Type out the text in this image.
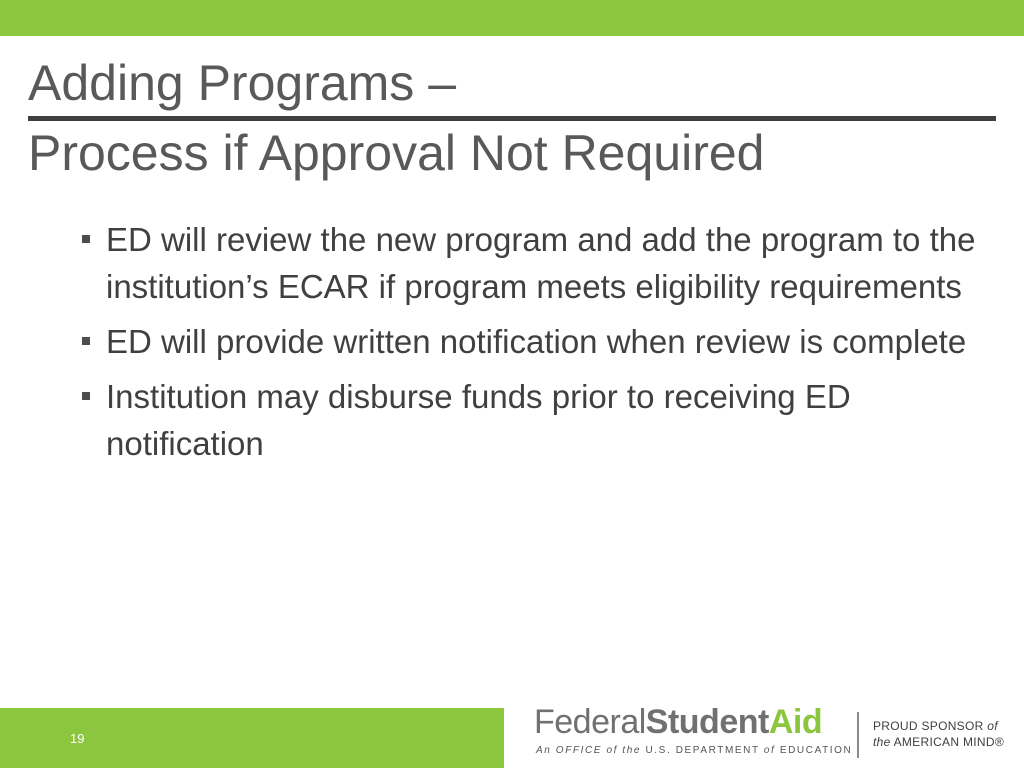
Adding Programs –
Process if Approval Not Required
ED will review the new program and add the program to the institution’s ECAR if program meets eligibility requirements
ED will provide written notification when review is complete
Institution may disburse funds prior to receiving ED notification
19	FederalStudentAid
An OFFICE of the U.S. DEPARTMENT of EDUCATION
PROUD SPONSOR of
the AMERICAN MIND®
